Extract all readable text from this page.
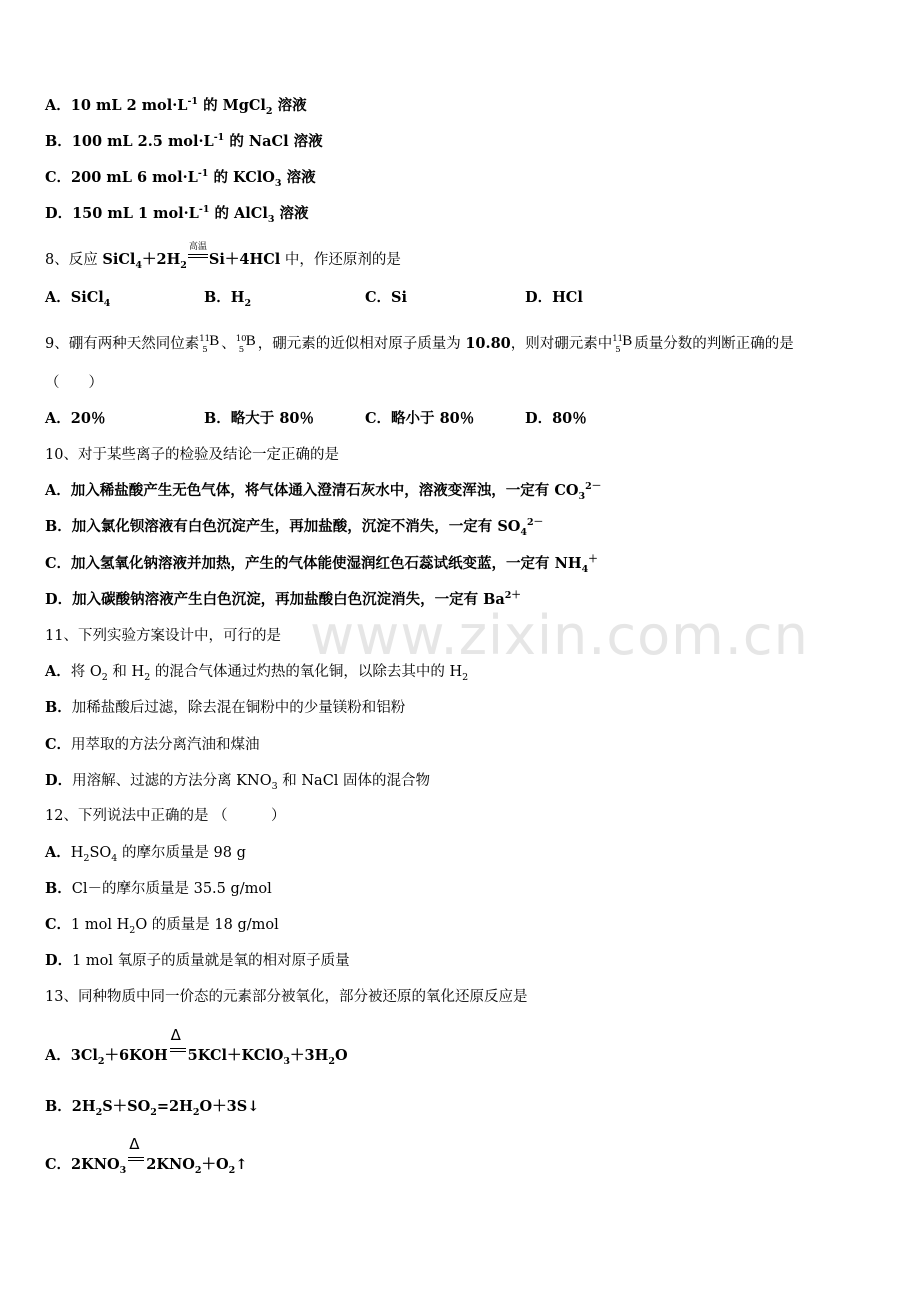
www.zixin.com.cn
A．10 mL 2 $mol\cdot L^{-1}$ 的 MgCl$_2$ 溶液
B．100 mL 2.5 $mol\cdot L^{-1}$ 的 NaCl 溶液
C．200 mL 6 $mol\cdot L^{-1}$ 的 KClO$_3$ 溶液
D．150 mL 1 $mol\cdot L^{-1}$ 的 AlCl$_3$ 溶液
8、反应 $SiCl_4+2H_2$
高温
Si＋4HCl 中，作还原剂的是
A．SiCl$_4$	B．$H_2$	C．Si	D．HCl
9、硼有两种天然同位素 11
5
B 、 10
5
B ，硼元素的近似相对原子质量为 10.80，则对硼元素中 11
5
B 质量分数的判断正确的是
（　　）
A．20％	B．略大于 80％	C．略小于 80％	D．80％
10、对于某些离子的检验及结论一定正确的是
A．加入稀盐酸产生无色气体，将气体通入澄清石灰水中，溶液变浑浊，一定有 $CO_3^{2-}$
B．加入氯化钡溶液有白色沉淀产生，再加盐酸，沉淀不消失，一定有 $SO_4^{2-}$
C．加入氢氧化钠溶液并加热，产生的气体能使湿润红色石蕊试纸变蓝，一定有 $NH_4^+$
D．加入碳酸钠溶液产生白色沉淀，再加盐酸白色沉淀消失，一定有 $Ba^{2+}$
11、下列实验方案设计中，可行的是
A．将 $O_2$ 和 $H_2$ 的混合气体通过灼热的氧化铜，以除去其中的 $H_2$
B．加稀盐酸后过滤，除去混在铜粉中的少量镁粉和铝粉
C．用萃取的方法分离汽油和煤油
D．用溶解、过滤的方法分离 $KNO_3$ 和 NaCl 固体的混合物
12、下列说法中正确的是 （　　　）
A．$H_2SO_4$ 的摩尔质量是 98 g
B．Cl－的摩尔质量是 35.5 g/mol
C．1 mol $H_2O$ 的质量是 18 g/mol
D．1 mol 氧原子的质量就是氧的相对原子质量
13、同种物质中同一价态的元素部分被氧化，部分被还原的氧化还原反应是
A．$3Cl_2+6KOH$
Δ
$5KCl+KClO_3+3H_2O$
B．$2H_2S+SO_2=2H_2O+3S↓$
C．$2KNO_3$
Δ
$2KNO_2+O_2↑$
